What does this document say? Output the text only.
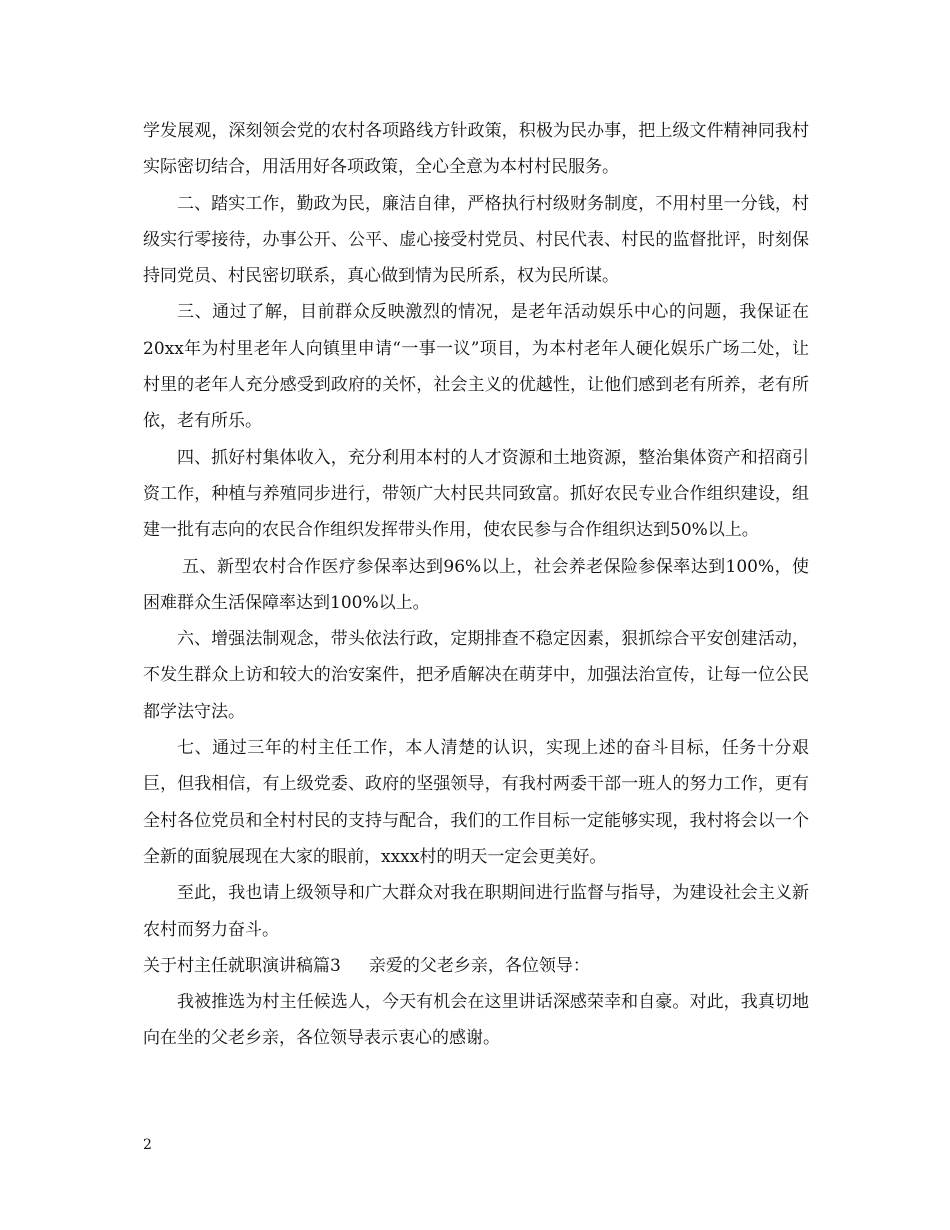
学发展观，深刻领会党的农村各项路线方针政策，积极为民办事，把上级文件精神同我村实际密切结合，用活用好各项政策，全心全意为本村村民服务。

二、踏实工作，勤政为民，廉洁自律，严格执行村级财务制度，不用村里一分钱，村级实行零接待，办事公开、公平、虚心接受村党员、村民代表、村民的监督批评，时刻保持同党员、村民密切联系，真心做到情为民所系，权为民所谋。

三、通过了解，目前群众反映激烈的情况，是老年活动娱乐中心的问题，我保证在20xx年为村里老年人向镇里申请“一事一议”项目，为本村老年人硬化娱乐广场二处，让村里的老年人充分感受到政府的关怀，社会主义的优越性，让他们感到老有所养，老有所依，老有所乐。

四、抓好村集体收入，充分利用本村的人才资源和土地资源，整治集体资产和招商引资工作，种植与养殖同步进行，带领广大村民共同致富。抓好农民专业合作组织建设，组建一批有志向的农民合作组织发挥带头作用，使农民参与合作组织达到50%以上。

五、新型农村合作医疗参保率达到96%以上，社会养老保险参保率达到100%，使困难群众生活保障率达到100%以上。

六、增强法制观念，带头依法行政，定期排查不稳定因素，狠抓综合平安创建活动，不发生群众上访和较大的治安案件，把矛盾解决在萌芽中，加强法治宣传，让每一位公民都学法守法。

七、通过三年的村主任工作，本人清楚的认识，实现上述的奋斗目标，任务十分艰巨，但我相信，有上级党委、政府的坚强领导，有我村两委干部一班人的努力工作，更有全村各位党员和全村村民的支持与配合，我们的工作目标一定能够实现，我村将会以一个全新的面貌展现在大家的眼前，xxxx村的明天一定会更美好。

至此，我也请上级领导和广大群众对我在职期间进行监督与指导，为建设社会主义新农村而努力奋斗。

关于村主任就职演讲稿篇3 亲爱的父老乡亲，各位领导：

我被推选为村主任候选人，今天有机会在这里讲话深感荣幸和自豪。对此，我真切地向在坐的父老乡亲，各位领导表示衷心的感谢。

2
